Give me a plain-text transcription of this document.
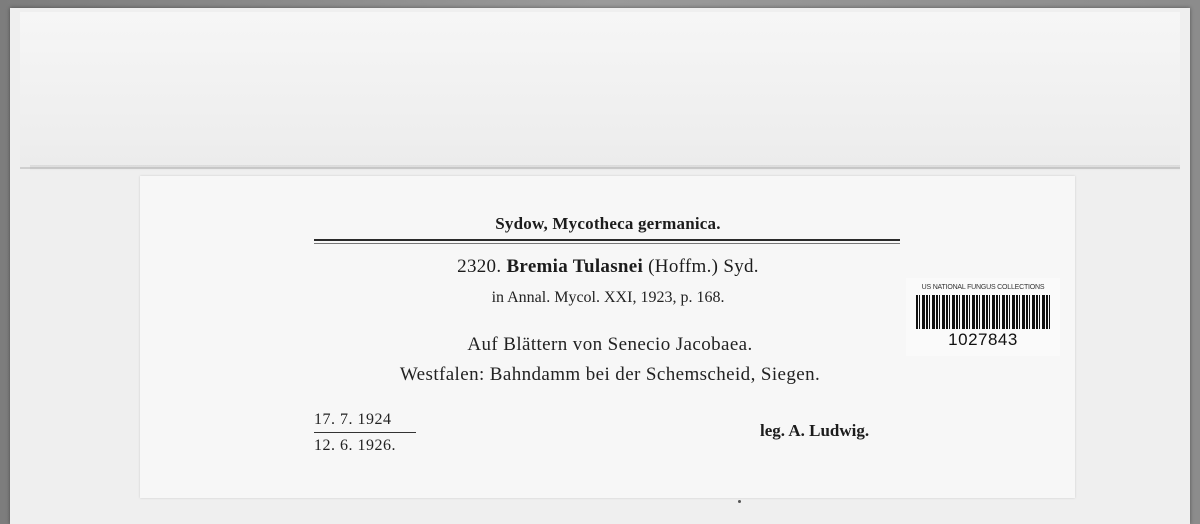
Sydow, Mycotheca germanica.
2320. Bremia Tulasnei (Hoffm.) Syd.
in Annal. Mycol. XXI, 1923, p. 168.
Auf Blättern von Senecio Jacobaea.
Westfalen: Bahndamm bei der Schemscheid, Siegen.
17. 7. 1924
12. 6. 1926.
leg. A. Ludwig.
US NATIONAL FUNGUS COLLECTIONS
1027843
